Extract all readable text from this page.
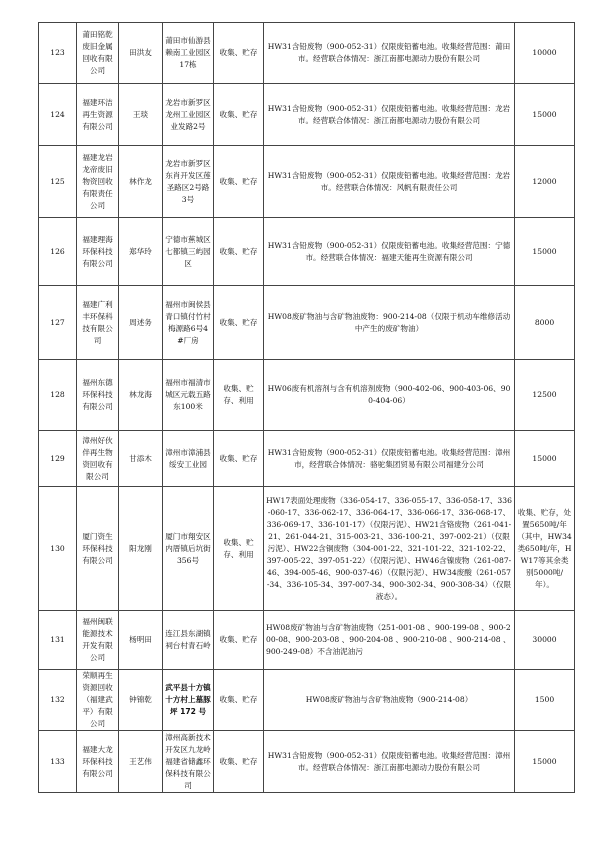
123	莆田铭乾废旧金属回收有限公司	田洪友	莆田市仙游县赖南工业园区17栋	收集、贮存	HW31含铅废物（900-052-31）仅限废铅蓄电池。收集经营范围：莆田市。经营联合体情况：浙江南都电源动力股份有限公司	10000
124	福建环洁再生资源有限公司	王琰	龙岩市新罗区龙州工业园区业发路2号	收集、贮存	HW31含铅废物（900-052-31）仅限废铅蓄电池。收集经营范围：龙岩市。经营联合体情况：浙江南都电源动力股份有限公司	15000
125	福建龙岩龙帝废旧物资回收有限责任公司	林作龙	龙岩市新罗区东肖开发区莲圣路区2号路3号	收集、贮存	HW31含铅废物（900-052-31）仅限废铅蓄电池。收集经营范围：龙岩市。经营联合体情况：风帆有限责任公司	12000
126	福建理海环保科技有限公司	郑华玲	宁德市蕉城区七都镇三屿园区	收集、贮存	HW31含铅废物（900-052-31）仅限废铅蓄电池。收集经营范围：宁德市。经营联合体情况：福建天能再生资源有限公司	15000
127	福建广利丰环保科技有限公司	周述务	福州市闽侯县青口镇付竹村梅源路6号4#厂房	收集、贮存	HW08废矿物油与含矿物油废物：900-214-08（仅限于机动车维修活动中产生的废矿物油）	8000
128	福州东德环保科技有限公司	林龙海	福州市福清市城区元载五路东100米	收集、贮存、利用	HW06废有机溶剂与含有机溶剂废物（900-402-06、900-403-06、900-404-06）	12500
129	漳州好伙伴再生物资回收有限公司	甘添木	漳州市漳浦县绥安工业园	收集、贮存	HW31含铅废物（900-052-31）仅限废铅蓄电池。收集经营范围：漳州市，经营联合体情况：骆驼集团贸易有限公司福建分公司	15000
130	厦门资生环保科技有限公司	阳龙刚	厦门市翔安区内厝镇后坑街356号	收集、贮存、利用	HW17表面处理废物（336-054-17、336-055-17、336-058-17、336-060-17、336-062-17、336-064-17、336-066-17、336-068-17、336-069-17、336-101-17）（仅限污泥）、HW21含铬废物（261-041-21、261-044-21、315-003-21、336-100-21、397-002-21）（仅限污泥）、HW22含铜废物（304-001-22、321-101-22、321-102-22、397-005-22、397-051-22）（仅限污泥）、HW46含镍废物（261-087-46、394-005-46、900-037-46）（仅限污泥）、HW34废酸（261-057-34、336-105-34、397-007-34、900-302-34、900-308-34）（仅限液态）。	收集、贮存，处置5650吨/年（其中，HW34类650吨/年，HW17等其余类别5000吨/年）。
131	福州闽联能源技术开发有限公司	杨明田	连江县东湖镇祠台村青石岭	收集、贮存	HW08废矿物油与含矿物油废物（251-001-08 、900-199-08 、900-200-08、900-203-08 、900-204-08 、900-210-08 、900-214-08 、900-249-08）不含油泥油污	30000
132	荣顺再生资源回收（福建武平）有限公司	钟锦乾	武平县十方镇十方村上墓豚坪 172 号	收集、贮存	HW08废矿物油与含矿物油废物（900-214-08）	1500
133	福建大龙环保科技有限公司	王艺伟	漳州高新技术开发区九龙岭福建省储鑫环保科技有限公司	收集、贮存	HW31含铅废物（900-052-31）仅限废铅蓄电池。收集经营范围：漳州市。经营联合体情况：浙江南都电源动力股份有限公司	15000
